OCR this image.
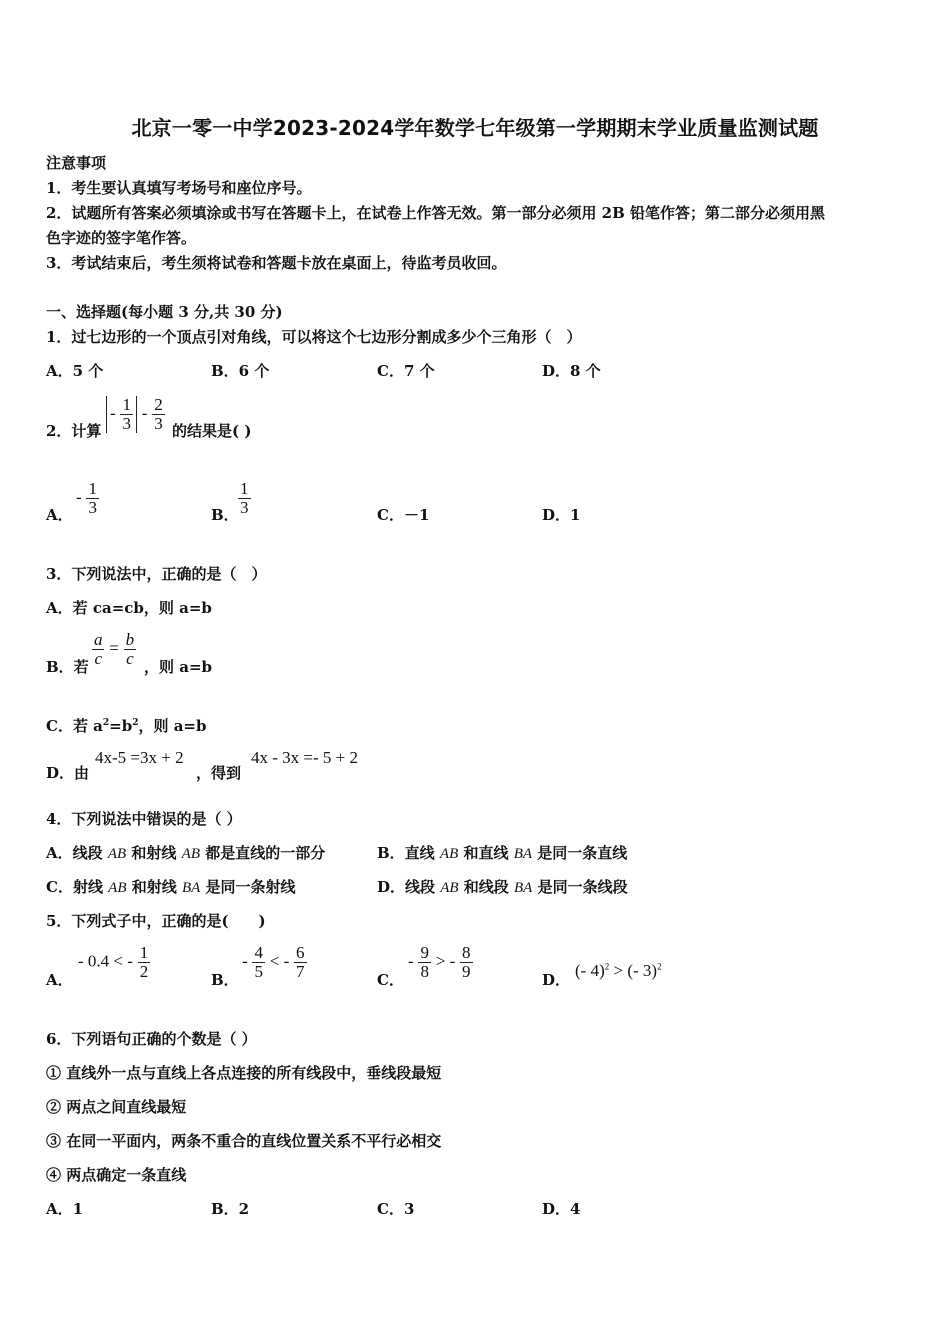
北京一零一中学2023-2024学年数学七年级第一学期期末学业质量监测试题
注意事项
1．考生要认真填写考场号和座位序号。
2．试题所有答案必须填涂或书写在答题卡上，在试卷上作答无效。第一部分必须用 2B 铅笔作答；第二部分必须用黑
色字迹的签字笔作答。
3．考试结束后，考生须将试卷和答题卡放在桌面上，待监考员收回。
一、选择题(每小题 3 分,共 30 分)
1．过七边形的一个顶点引对角线，可以将这个七边形分割成多少个三角形（　）
A．5 个	B．6 个	C．7 个	D．8 个
2．计算
- $\frac{1}{3} - \frac{2}{3}$ 的结果是( )
A．
- $\frac{1}{3}$	B． $\frac{1}{3}$	C．－1	D．1
3．下列说法中，正确的是（　）
A．若 ca=cb，则 a=b
B．若 $\frac{a}{c} = \frac{b}{c}$ ，则 a=b
C．若 $a^2=b^2$，则 a=b
D．由
4x-5 =3x + 2
，得到
4x - 3x =- 5 + 2
4．下列说法中错误的是（ ）
A．线段 AB 和射线 AB 都是直线的一部分	B．直线 AB 和直线 BA 是同一条直线
C．射线 AB 和射线 BA 是同一条射线	D．线段 AB 和线段 BA 是同一条线段
5．下列式子中，正确的是(　　)
A．
- 0.4 < - $\frac{1}{2}$	B．
- $\frac{4}{5}$ < - $\frac{6}{7}$	C．
- $\frac{9}{8}$ > - $\frac{8}{9}$	D． (- 4)$^2$ > (- 3)$^2$
6．下列语句正确的个数是（ ）
① 直线外一点与直线上各点连接的所有线段中，垂线段最短
② 两点之间直线最短
③ 在同一平面内，两条不重合的直线位置关系不平行必相交
④ 两点确定一条直线
A．1	B．2	C．3	D．4
